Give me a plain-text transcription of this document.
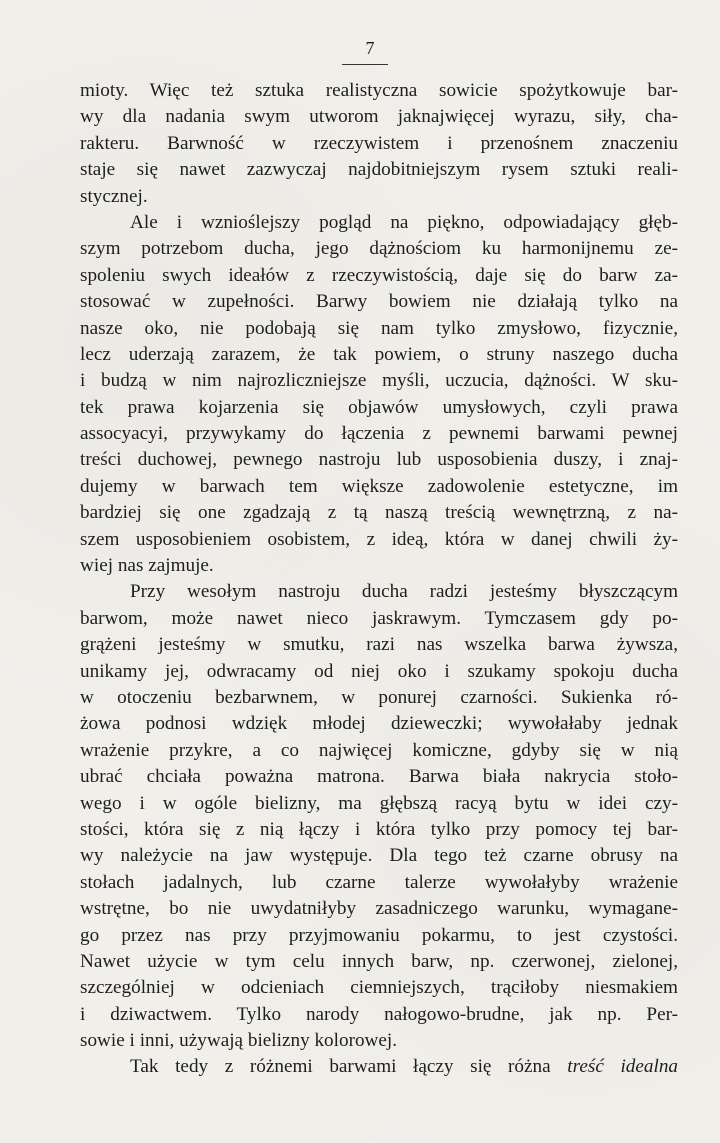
7
mioty. Więc też sztuka realistyczna sowicie spożytkowuje bar-
wy dla nadania swym utworom jaknajwięcej wyrazu, siły, cha-
rakteru. Barwność w rzeczywistem i przenośnem znaczeniu
staje się nawet zazwyczaj najdobitniejszym rysem sztuki reali-
stycznej.
Ale i wznioślejszy pogląd na piękno, odpowiadający głęb-
szym potrzebom ducha, jego dążnościom ku harmonijnemu ze-
spoleniu swych ideałów z rzeczywistością, daje się do barw za-
stosować w zupełności. Barwy bowiem nie działają tylko na
nasze oko, nie podobają się nam tylko zmysłowo, fizycznie,
lecz uderzają zarazem, że tak powiem, o struny naszego ducha
i budzą w nim najrozliczniejsze myśli, uczucia, dążności. W sku-
tek prawa kojarzenia się objawów umysłowych, czyli prawa
assocyacyi, przywykamy do łączenia z pewnemi barwami pewnej
treści duchowej, pewnego nastroju lub usposobienia duszy, i znaj-
dujemy w barwach tem większe zadowolenie estetyczne, im
bardziej się one zgadzają z tą naszą treścią wewnętrzną, z na-
szem usposobieniem osobistem, z ideą, która w danej chwili ży-
wiej nas zajmuje.
Przy wesołym nastroju ducha radzi jesteśmy błyszczącym
barwom, może nawet nieco jaskrawym. Tymczasem gdy po-
grążeni jesteśmy w smutku, razi nas wszelka barwa żywsza,
unikamy jej, odwracamy od niej oko i szukamy spokoju ducha
w otoczeniu bezbarwnem, w ponurej czarności. Sukienka ró-
żowa podnosi wdzięk młodej dzieweczki; wywołałaby jednak
wrażenie przykre, a co najwięcej komiczne, gdyby się w nią
ubrać chciała poważna matrona. Barwa biała nakrycia stoło-
wego i w ogóle bielizny, ma głębszą racyą bytu w idei czy-
stości, która się z nią łączy i która tylko przy pomocy tej bar-
wy należycie na jaw występuje. Dla tego też czarne obrusy na
stołach jadalnych, lub czarne talerze wywołałyby wrażenie
wstrętne, bo nie uwydatniłyby zasadniczego warunku, wymagane-
go przez nas przy przyjmowaniu pokarmu, to jest czystości.
Nawet użycie w tym celu innych barw, np. czerwonej, zielonej,
szczególniej w odcieniach ciemniejszych, trąciłoby niesmakiem
i dziwactwem. Tylko narody nałogowo-brudne, jak np. Per-
sowie i inni, używają bielizny kolorowej.
Tak tedy z różnemi barwami łączy się różna treść idealna
